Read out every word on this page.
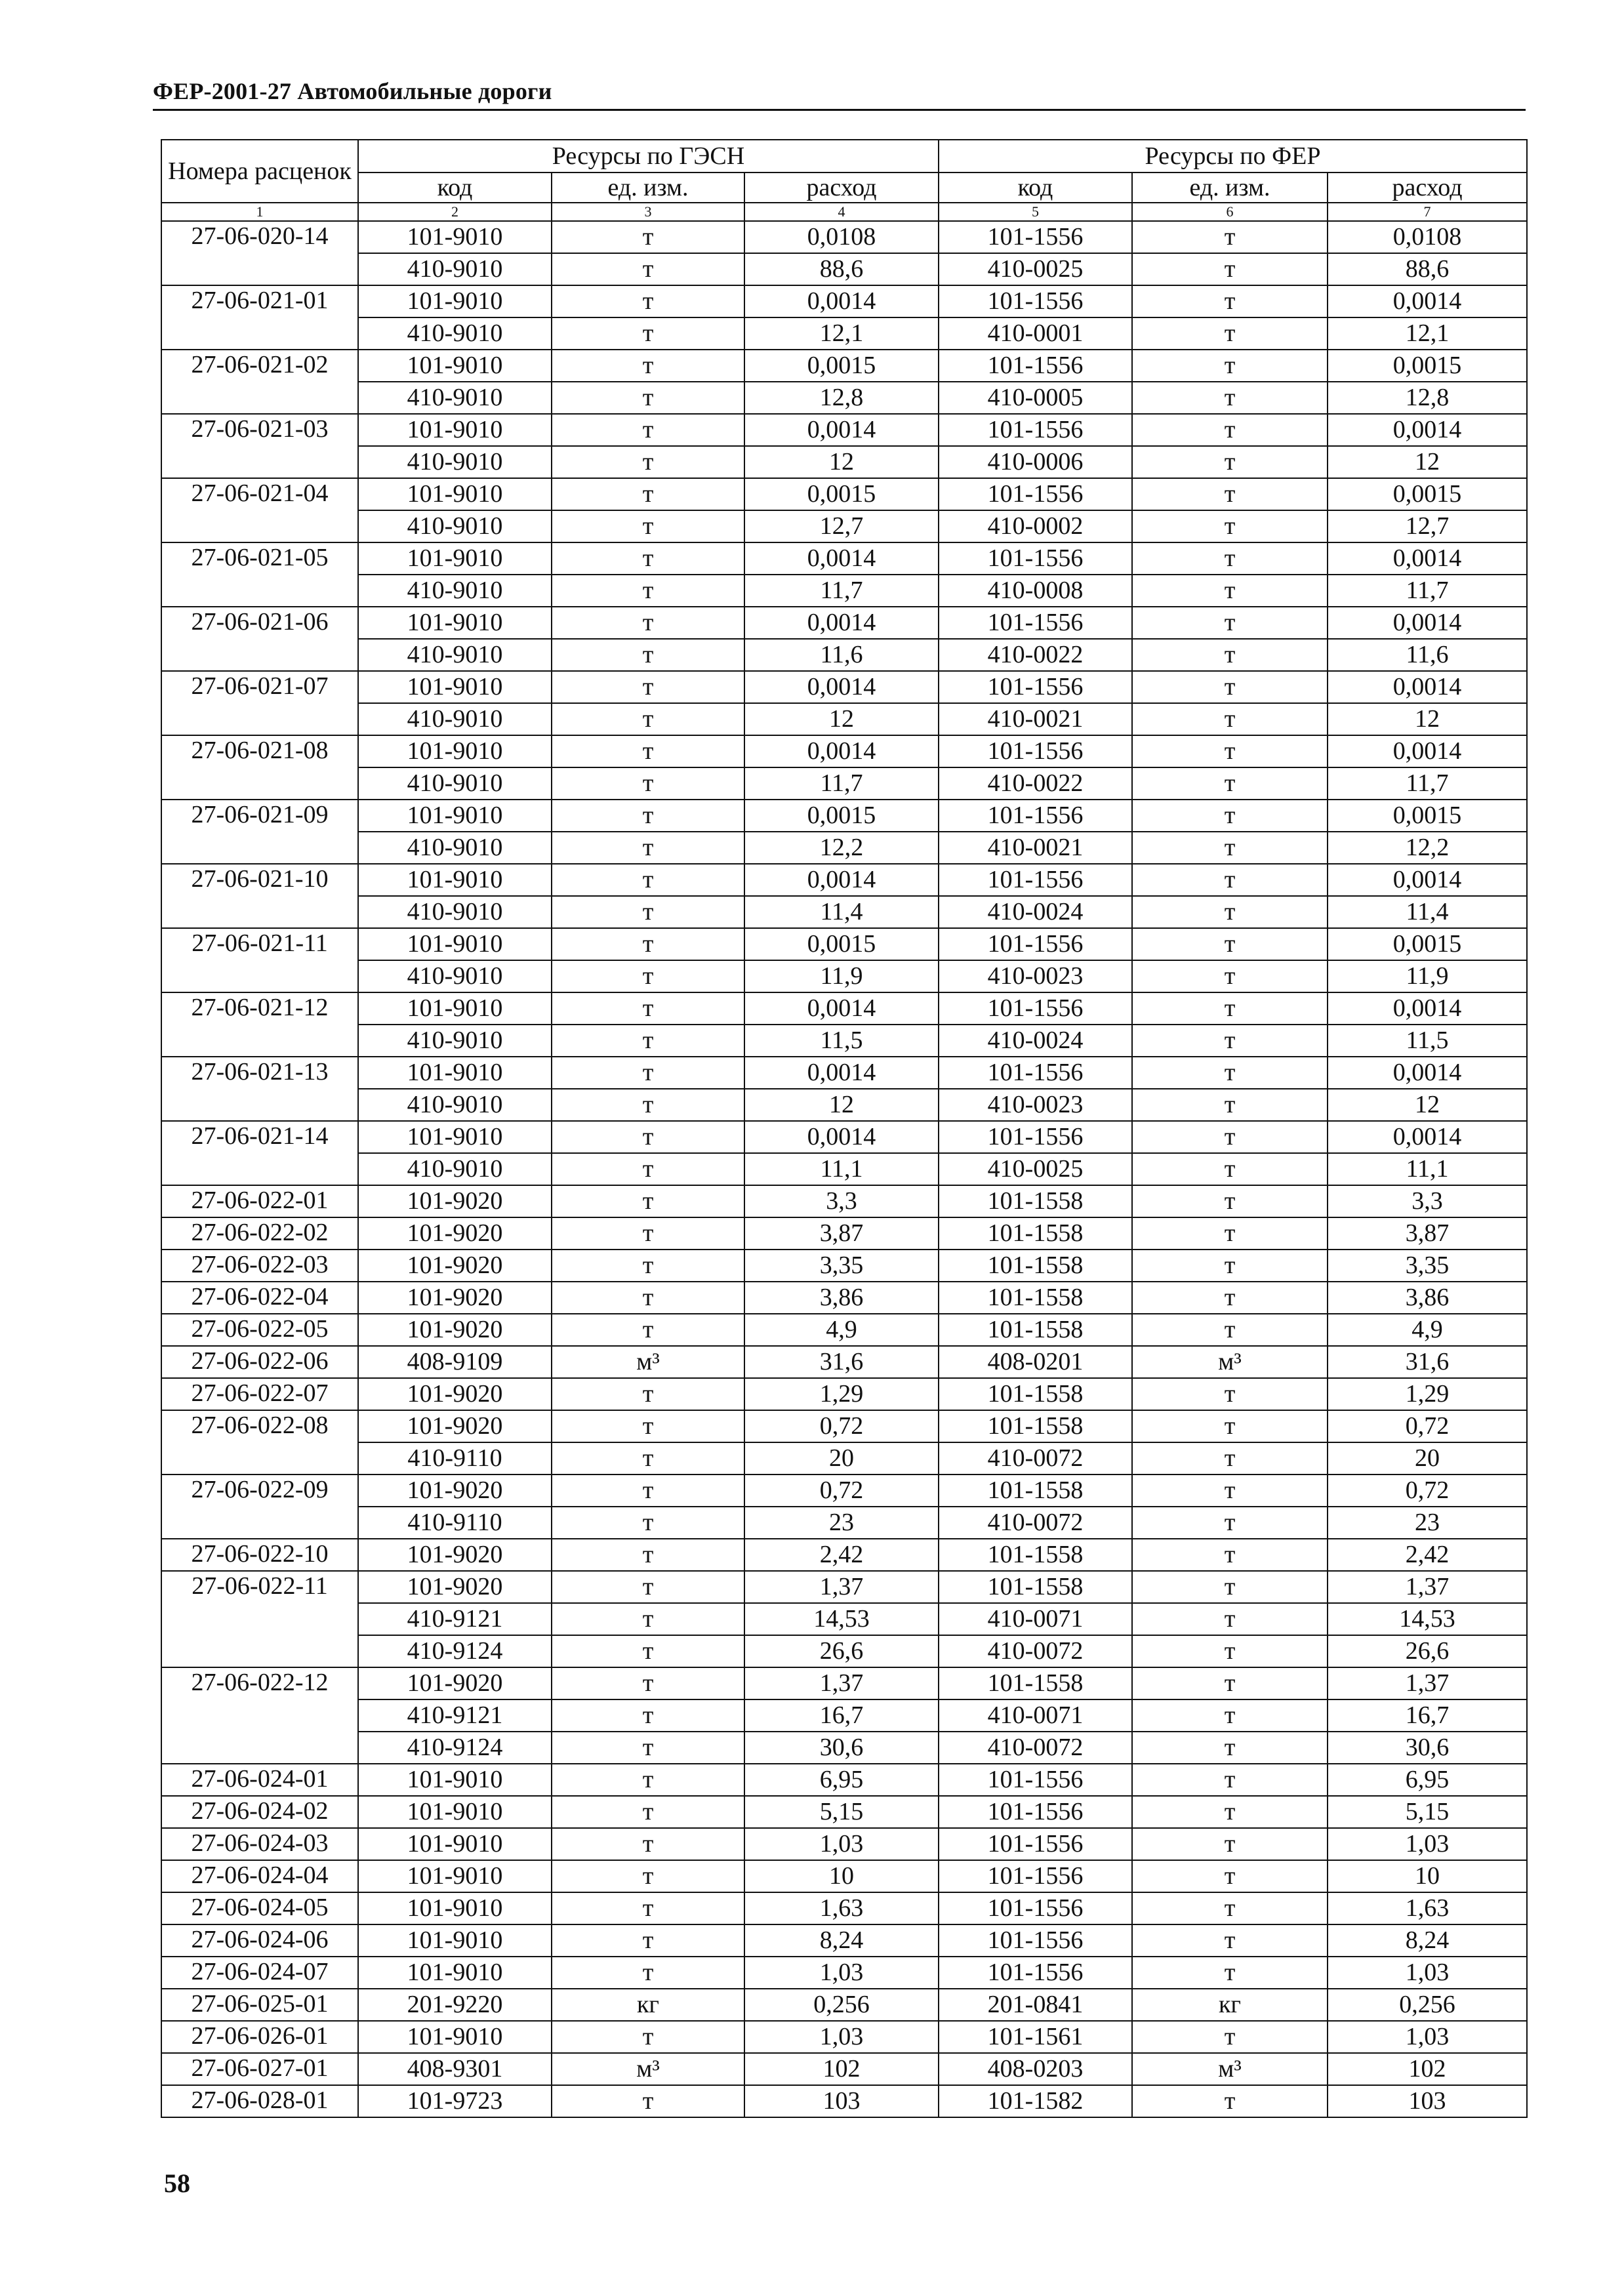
ФЕР-2001-27 Автомобильные дороги
Номера расценок	Ресурсы по ГЭСН			Ресурсы по ФЕР		
	код	ед. изм.	расход	код	ед. изм.	расход
1	2	3	4	5	6	7
27-06-020-14	101-9010	т	0,0108	101-1556	т	0,0108
	410-9010	т	88,6	410-0025	т	88,6
27-06-021-01	101-9010	т	0,0014	101-1556	т	0,0014
	410-9010	т	12,1	410-0001	т	12,1
27-06-021-02	101-9010	т	0,0015	101-1556	т	0,0015
	410-9010	т	12,8	410-0005	т	12,8
27-06-021-03	101-9010	т	0,0014	101-1556	т	0,0014
	410-9010	т	12	410-0006	т	12
27-06-021-04	101-9010	т	0,0015	101-1556	т	0,0015
	410-9010	т	12,7	410-0002	т	12,7
27-06-021-05	101-9010	т	0,0014	101-1556	т	0,0014
	410-9010	т	11,7	410-0008	т	11,7
27-06-021-06	101-9010	т	0,0014	101-1556	т	0,0014
	410-9010	т	11,6	410-0022	т	11,6
27-06-021-07	101-9010	т	0,0014	101-1556	т	0,0014
	410-9010	т	12	410-0021	т	12
27-06-021-08	101-9010	т	0,0014	101-1556	т	0,0014
	410-9010	т	11,7	410-0022	т	11,7
27-06-021-09	101-9010	т	0,0015	101-1556	т	0,0015
	410-9010	т	12,2	410-0021	т	12,2
27-06-021-10	101-9010	т	0,0014	101-1556	т	0,0014
	410-9010	т	11,4	410-0024	т	11,4
27-06-021-11	101-9010	т	0,0015	101-1556	т	0,0015
	410-9010	т	11,9	410-0023	т	11,9
27-06-021-12	101-9010	т	0,0014	101-1556	т	0,0014
	410-9010	т	11,5	410-0024	т	11,5
27-06-021-13	101-9010	т	0,0014	101-1556	т	0,0014
	410-9010	т	12	410-0023	т	12
27-06-021-14	101-9010	т	0,0014	101-1556	т	0,0014
	410-9010	т	11,1	410-0025	т	11,1
27-06-022-01	101-9020	т	3,3	101-1558	т	3,3
27-06-022-02	101-9020	т	3,87	101-1558	т	3,87
27-06-022-03	101-9020	т	3,35	101-1558	т	3,35
27-06-022-04	101-9020	т	3,86	101-1558	т	3,86
27-06-022-05	101-9020	т	4,9	101-1558	т	4,9
27-06-022-06	408-9109	м³	31,6	408-0201	м³	31,6
27-06-022-07	101-9020	т	1,29	101-1558	т	1,29
27-06-022-08	101-9020	т	0,72	101-1558	т	0,72
	410-9110	т	20	410-0072	т	20
27-06-022-09	101-9020	т	0,72	101-1558	т	0,72
	410-9110	т	23	410-0072	т	23
27-06-022-10	101-9020	т	2,42	101-1558	т	2,42
27-06-022-11	101-9020	т	1,37	101-1558	т	1,37
	410-9121	т	14,53	410-0071	т	14,53
	410-9124	т	26,6	410-0072	т	26,6
27-06-022-12	101-9020	т	1,37	101-1558	т	1,37
	410-9121	т	16,7	410-0071	т	16,7
	410-9124	т	30,6	410-0072	т	30,6
27-06-024-01	101-9010	т	6,95	101-1556	т	6,95
27-06-024-02	101-9010	т	5,15	101-1556	т	5,15
27-06-024-03	101-9010	т	1,03	101-1556	т	1,03
27-06-024-04	101-9010	т	10	101-1556	т	10
27-06-024-05	101-9010	т	1,63	101-1556	т	1,63
27-06-024-06	101-9010	т	8,24	101-1556	т	8,24
27-06-024-07	101-9010	т	1,03	101-1556	т	1,03
27-06-025-01	201-9220	кг	0,256	201-0841	кг	0,256
27-06-026-01	101-9010	т	1,03	101-1561	т	1,03
27-06-027-01	408-9301	м³	102	408-0203	м³	102
27-06-028-01	101-9723	т	103	101-1582	т	103
58
